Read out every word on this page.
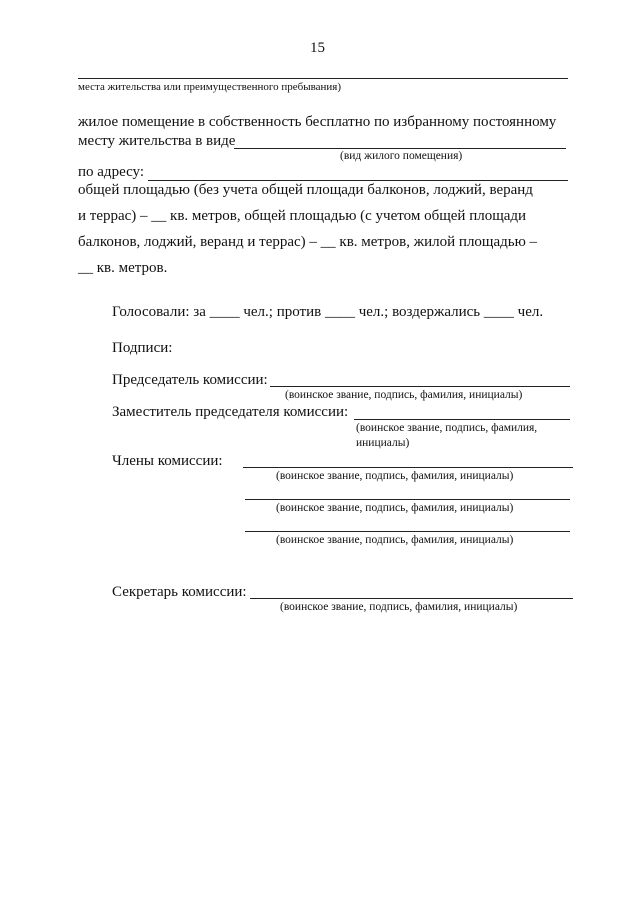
15
места жительства или преимущественного пребывания)
жилое помещение в собственность бесплатно по избранному постоянному
месту жительства в виде
(вид жилого помещения)
по адресу:
общей площадью (без учета общей площади балконов, лоджий, веранд
и террас) – __ кв. метров, общей площадью (с учетом общей площади
балконов, лоджий, веранд и террас) – __ кв. метров, жилой площадью –
__ кв. метров.
Голосовали: за ____ чел.; против ____ чел.; воздержались ____ чел.
Подписи:
Председатель комиссии:
(воинское звание, подпись, фамилия, инициалы)
Заместитель председателя комиссии:
(воинское звание, подпись, фамилия,
инициалы)
Члены комиссии:
(воинское звание, подпись, фамилия, инициалы)
(воинское звание, подпись, фамилия, инициалы)
(воинское звание, подпись, фамилия, инициалы)
Секретарь комиссии:
(воинское звание, подпись, фамилия, инициалы)
